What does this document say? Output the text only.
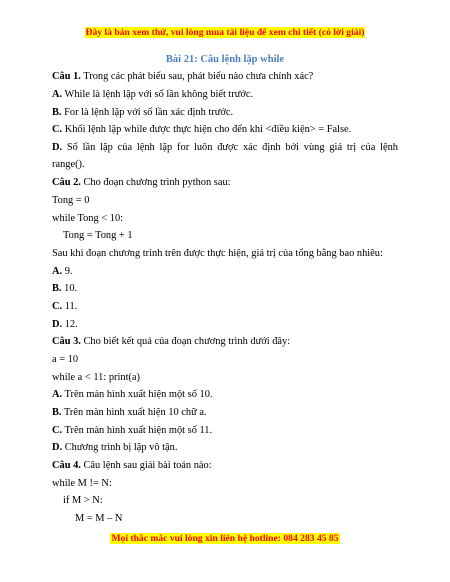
Đây là bản xem thử, vui lòng mua tài liệu để xem chi tiết (có lời giải)
Bài 21: Câu lệnh lặp while
Câu 1. Trong các phát biểu sau, phát biểu nào chưa chính xác?
A. While là lệnh lặp với số lần không biết trước.
B. For là lệnh lặp với số lần xác định trước.
C. Khối lệnh lặp while được thực hiện cho đến khi <điều kiện> = False.
D. Số lần lặp của lệnh lặp for luôn được xác định bởi vùng giá trị của lệnh
range().
Câu 2. Cho đoạn chương trình python sau:
Tong = 0
while Tong < 10:
Tong = Tong + 1
Sau khi đoạn chương trình trên được thực hiện, giá trị của tổng bằng bao nhiêu:
A. 9.
B. 10.
C. 11.
D. 12.
Câu 3. Cho biết kết quả của đoạn chương trình dưới đây:
a = 10
while a < 11: print(a)
A. Trên màn hình xuất hiện một số 10.
B. Trên màn hình xuất hiện 10 chữ a.
C. Trên màn hình xuất hiện một số 11.
D. Chương trình bị lặp vô tận.
Câu 4. Câu lệnh sau giải bài toán nào:
while M != N:
if M > N:
M = M – N
Mọi thắc mắc vui lòng xin liên hệ hotline: 084 283 45 85
